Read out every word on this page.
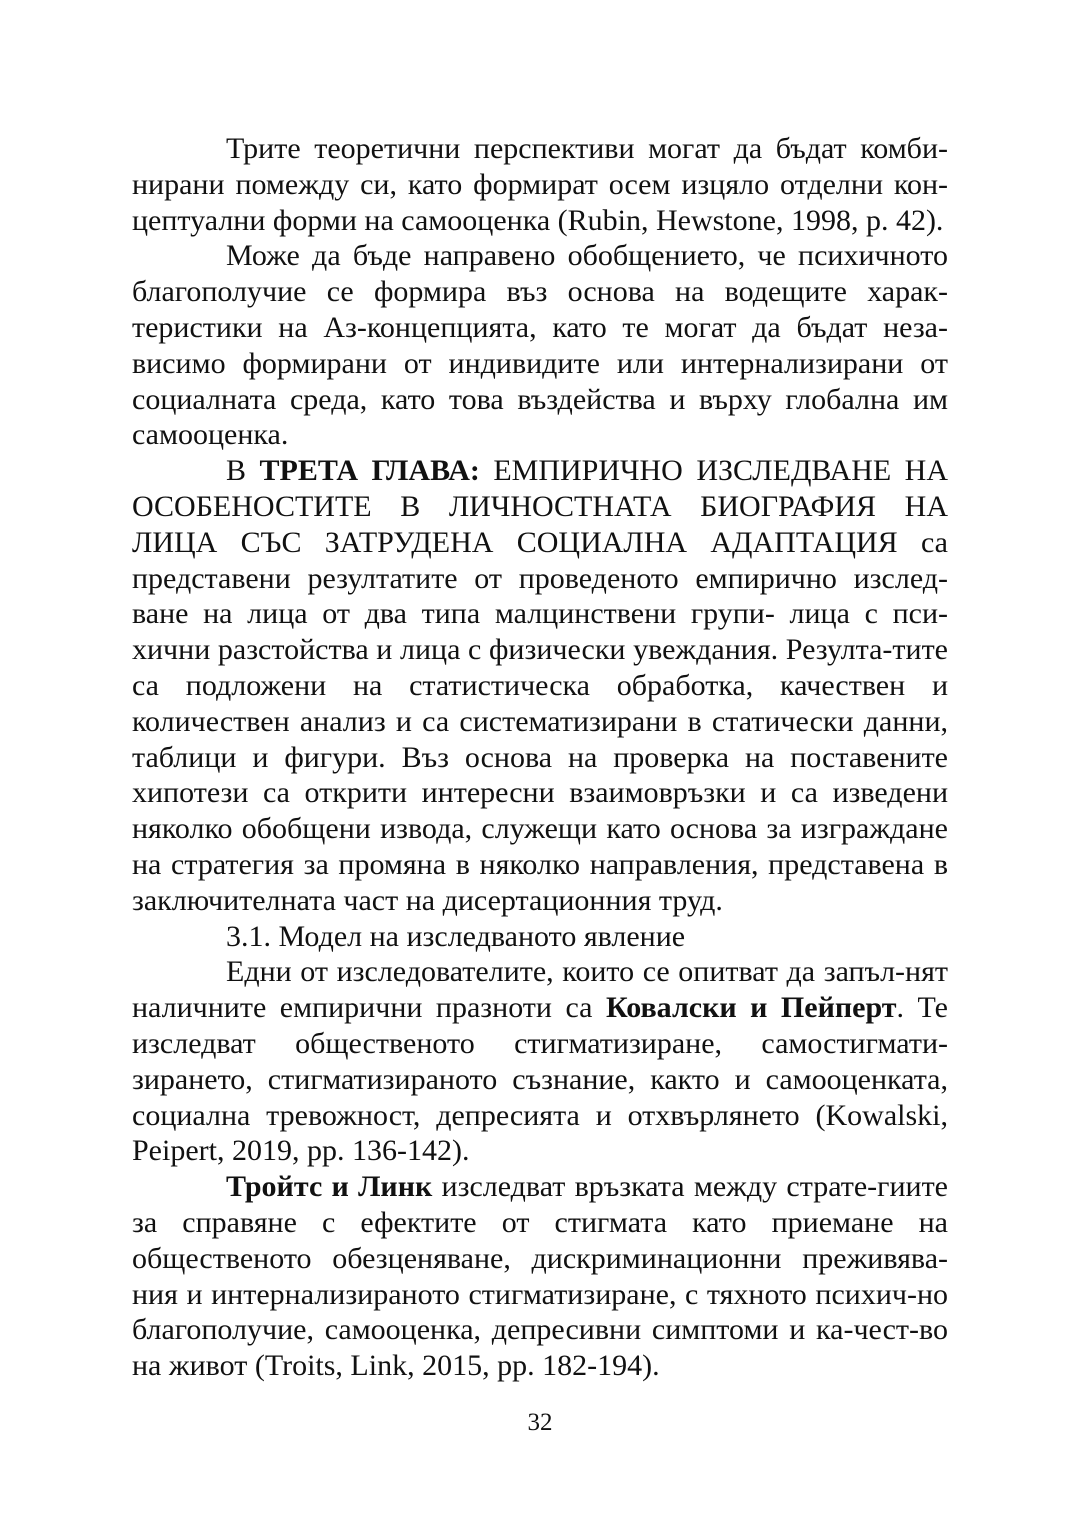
Трите теоретични перспективи могат да бъдат комби-нирани помежду си, като формират осем изцяло отделни кон-цептуални форми на самооценка (Rubin, Hewstone, 1998, p. 42).

Може да бъде направено обобщението, че психичното благополучие се формира въз основа на водещите харак-теристики на Аз-концепцията, като те могат да бъдат неза-висимо формирани от индивидите или интернализирани от социалната среда, като това въздейства и върху глобална им самооценка.

В ТРЕТА ГЛАВА: ЕМПИРИЧНО ИЗСЛЕДВАНЕ НА ОСОБЕНОСТИТЕ В ЛИЧНОСТНАТА БИОГРАФИЯ НА ЛИЦА СЪС ЗАТРУДЕНА СОЦИАЛНА АДАПТАЦИЯ са представени резултатите от проведеното емпирично изслед-ване на лица от два типа малцинствени групи- лица с пси-хични разстойства и лица с физически увеждания. Резулта-тите са подложени на статистическа обработка, качествен и количествен анализ и са систематизирани в статически данни, таблици и фигури. Въз основа на проверка на поставените хипотези са открити интересни взаимовръзки и са изведени няколко обобщени извода, служещи като основа за изграждане на стратегия за промяна в няколко направления, представена в заключителната част на дисертационния труд.

3.1. Модел на изследваното явление

Едни от изследователите, които се опитват да запъл-нят наличните емпирични празноти са Ковалски и Пейперт. Те изследват общественото стигматизиране, самостигмати-зирането, стигматизираното съзнание, както и самооценката, социална тревожност, депресията и отхвърлянето (Kowalski, Peipert, 2019, pp. 136-142).

Тройтс и Линк изследват връзката между страте-гиите за справяне с ефектите от стигмата като приемане на общественото обезценяване, дискриминационни преживява-ния и интернализираното стигматизиране, с тяхното психич-но благополучие, самооценка, депресивни симптоми и ка-чест-во на живот (Troits, Link, 2015, pp. 182-194).

32
